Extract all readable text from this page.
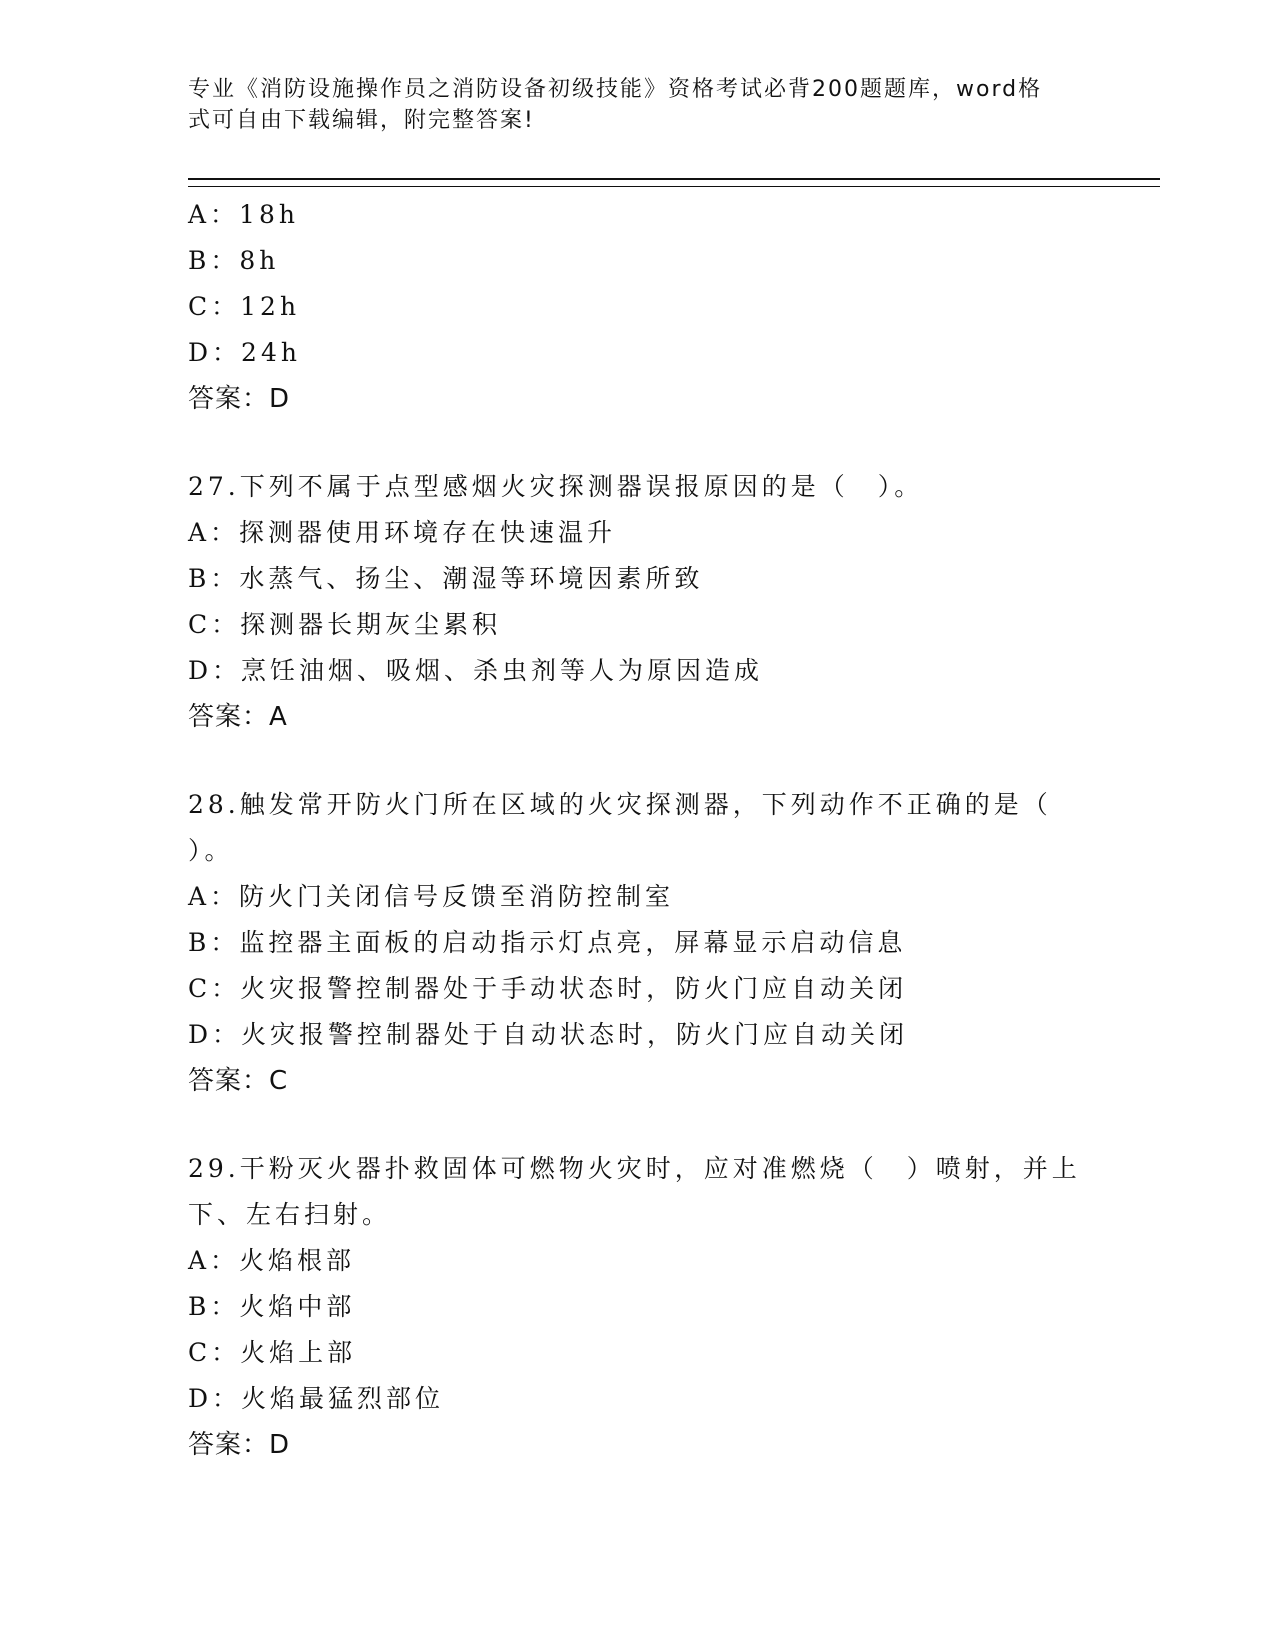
专业《消防设施操作员之消防设备初级技能》资格考试必背200题题库，word格
式可自由下载编辑，附完整答案!
A：18h
B：8h
C：12h
D：24h
答案：D
27.下列不属于点型感烟火灾探测器误报原因的是（　）。
A：探测器使用环境存在快速温升
B：水蒸气、扬尘、潮湿等环境因素所致
C：探测器长期灰尘累积
D：烹饪油烟、吸烟、杀虫剂等人为原因造成
答案：A
28.触发常开防火门所在区域的火灾探测器，下列动作不正确的是（
）。
A：防火门关闭信号反馈至消防控制室
B：监控器主面板的启动指示灯点亮，屏幕显示启动信息
C：火灾报警控制器处于手动状态时，防火门应自动关闭
D：火灾报警控制器处于自动状态时，防火门应自动关闭
答案：C
29.干粉灭火器扑救固体可燃物火灾时，应对准燃烧（　）喷射，并上
下、左右扫射。
A：火焰根部
B：火焰中部
C：火焰上部
D：火焰最猛烈部位
答案：D
